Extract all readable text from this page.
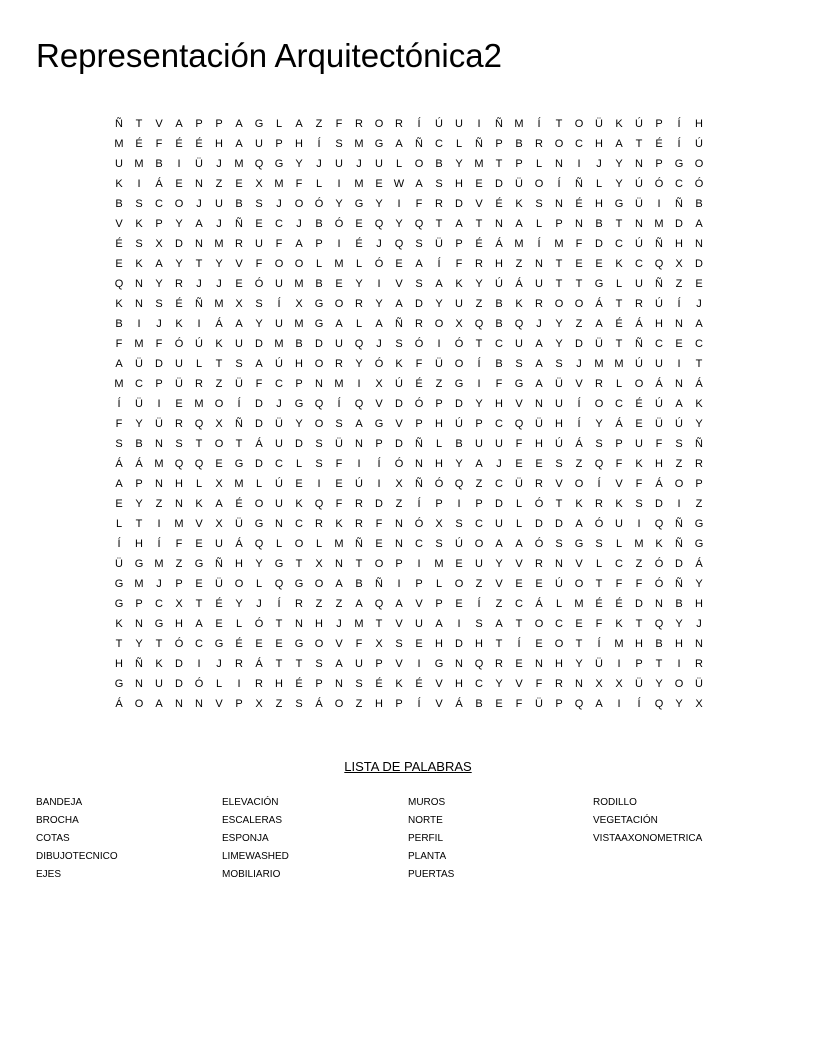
Representación Arquitectónica2
Ñ	T	V	A	P	P	A	G	L	A	Z	F	R	O	R	Í	Ú	U	I	Ñ	M	Í	T	O	Ü	K	Ú	P	Í	H
M	É	F	É	É	H	A	U	P	H	Í	S	M	G	A	Ñ	C	L	Ñ	P	B	R	O	C	H	A	T	É	Í	Ú
U	M	B	I	Ü	J	M	Q	G	Y	J	U	J	U	L	O	B	Y	M	T	P	L	N	I	J	Y	N	P	G	O
K	I	Á	E	N	Z	E	X	M	F	L	I	M	E	W	A	S	H	E	D	Ü	O	Í	Ñ	L	Y	Ú	Ó	C	Ó
B	S	C	O	J	U	B	S	J	O	Ó	Y	G	Y	I	F	R	D	V	É	K	S	N	É	H	G	Ü	I	Ñ	B
V	K	P	Y	A	J	Ñ	E	C	J	B	Ó	E	Q	Y	Q	T	A	T	N	A	L	P	N	B	T	N	M	D	A
É	S	X	D	N	M	R	U	F	A	P	I	É	J	Q	S	Ü	P	É	Á	M	Í	M	F	D	C	Ú	Ñ	H	N
E	K	A	Y	T	Y	V	F	O	O	L	M	L	Ó	E	A	Í	F	R	H	Z	N	T	E	E	K	C	Q	X	D
Q	N	Y	R	J	J	E	Ó	U	M	B	E	Y	I	V	S	A	K	Y	Ú	Á	U	T	T	G	L	U	Ñ	Z	E
K	N	S	É	Ñ	M	X	S	Í	X	G	O	R	Y	A	D	Y	U	Z	B	K	R	O	O	Á	T	R	Ú	Í	J
B	I	J	K	I	Á	A	Y	U	M	G	A	L	A	Ñ	R	O	X	Q	B	Q	J	Y	Z	A	É	Á	H	N	A
F	M	F	Ó	Ú	K	U	D	M	B	D	U	Q	J	S	Ó	I	Ó	T	C	U	A	Y	D	Ü	T	Ñ	C	E	C
A	Ü	D	U	L	T	S	A	Ú	H	O	R	Y	Ó	K	F	Ü	O	Í	B	S	A	S	J	M M	Ú	U	I	T
M	C	P	Ü	R	Z	Ü	F	C	P	N	M	I	X	Ú	É	Z	G	I	F	G	A	Ü	V	R	L	O	Á	N	Á
Í	Ü	I	E	M	O	Í	D	J	G	Q	Í	Q	V	D	Ó	P	D	Y	H	V	N	U	Í	O	C	É	Ú	A	K
F	Y	Ü	R	Q	X	Ñ	D	Ü	Y	O	S	A	G	V	P	H	Ú	P	C	Q	Ü	H	Í	Y	Á	E	Ü	Ú	Y
S	B	N	S	T	O	T	Á	U	D	S	Ü	N	P	D	Ñ	L	B	U	U	F	H	Ú	Á	S	P	U	F	S	Ñ
Á	Á	M	Q	Q	E	G	D	C	L	S	F	I	Í	Ó	N	H	Y	A	J	E	E	S	Z	Q	F	K	H	Z	R
A	P	N	H	L	X	M	L	Ú	E	I	E	Ú	I	X	Ñ	Ó	Q	Z	C	Ü	R	V	O	Í	V	F	Á	O	P
E	Y	Z	N	K	A	É	O	U	K	Q	F	R	D	Z	Í	P	I	P	D	L	Ó	T	K	R	K	S	D	I	Z
L	T	I	M	V	X	Ü	G	N	C	R	K	R	F	N	Ó	X	S	C	U	L	D	D	A	Ó	U	I	Q	Ñ	G
Í	H	Í	F	E	U	Á	Q	L	O	L	M	Ñ	E	N	C	S	Ú	O	A	A	Ó	S	G	S	L	M	K	Ñ	G
Ü	G	M	Z	G	Ñ	H	Y	G	T	X	N	T	O	P	I	M	E	U	Y	V	R	N	V	L	C	Z	Ó	D	Á
G	M	J	P	E	Ü	O	L	Q	G	O	A	B	Ñ	I	P	L	O	Z	V	E	E	Ú	O	T	F	F	Ó	Ñ	Y
G	P	C	X	T	É	Y	J	Í	R	Z	Z	A	Q	A	V	P	E	Í	Z	C	Á	L	M	É	É	D	N	B	H
K	N	G	H	A	E	L	Ó	T	N	H	J	M	T	V	U	A	I	S	A	T	O	C	E	F	K	T	Q	Y	J
T	Y	T	Ó	C	G	É	E	E	G	O	V	F	X	S	E	H	D	H	T	Í	E	O	T	Í	M	H	B	H	N
H	Ñ	K	D	I	J	R	Á	T	T	S	A	U	P	V	I	G	N	Q	R	E	N	H	Y	Ü	I	P	T	I	R
G	N	U	D	Ó	L	I	R	H	É	P	N	S	É	K	É	V	H	C	Y	V	F	R	N	X	X	Ü	Y	O	Ü
Á	O	A	N	N	V	P	X	Z	S	Á	O	Z	H	P	Í	V	Á	B	E	F	Ü	P	Q	A	I	Í	Q	Y	X
LISTA DE PALABRAS
BANDEJA
BROCHA
COTAS
DIBUJOTECNICO
EJES
ELEVACIÓN
ESCALERAS
ESPONJA
LIMEWASHED
MOBILIARIO
MUROS
NORTE
PERFIL
PLANTA
PUERTAS
RODILLO
VEGETACIÓN
VISTAAXONOMETRICA
